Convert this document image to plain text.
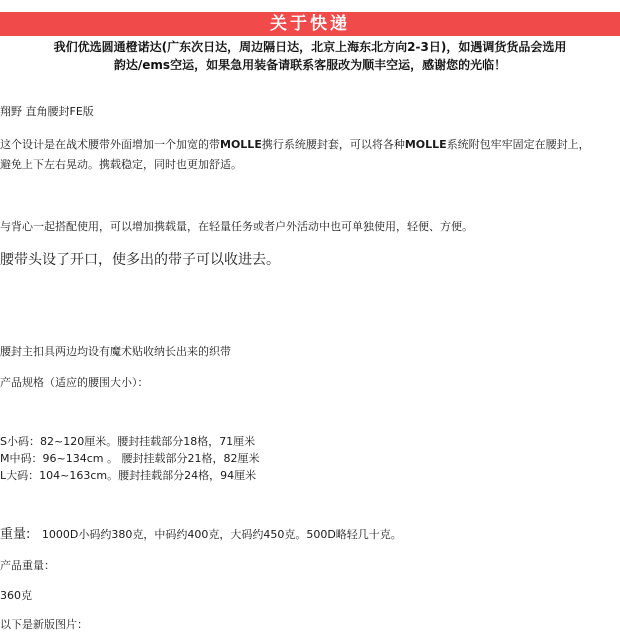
关于快递
我们优选圆通橙诺达(广东次日达，周边隔日达，北京上海东北方向2-3日)，如遇调货货品会选用
韵达/ems空运，如果急用装备请联系客服改为顺丰空运，感谢您的光临！
翔野 直角腰封FE版
这个设计是在战术腰带外面增加一个加宽的带MOLLE携行系统腰封套，可以将各种MOLLE系统附包牢牢固定在腰封上，
避免上下左右晃动。携载稳定，同时也更加舒适。
与背心一起搭配使用，可以增加携载量，在轻量任务或者户外活动中也可单独使用，轻便、方便。
腰带头设了开口，使多出的带子可以收进去。
腰封主扣具两边均设有魔术贴收纳长出来的织带
产品规格（适应的腰围大小）：
S小码：82~120厘米。腰封挂载部分18格，71厘米
M中码：96~134cm 。 腰封挂载部分21格，82厘米
L大码：104~163cm。腰封挂载部分24格，94厘米
重量: 1000D小码约380克，中码约400克，大码约450克。500D略轻几十克。
产品重量：
360克
以下是新版图片：
